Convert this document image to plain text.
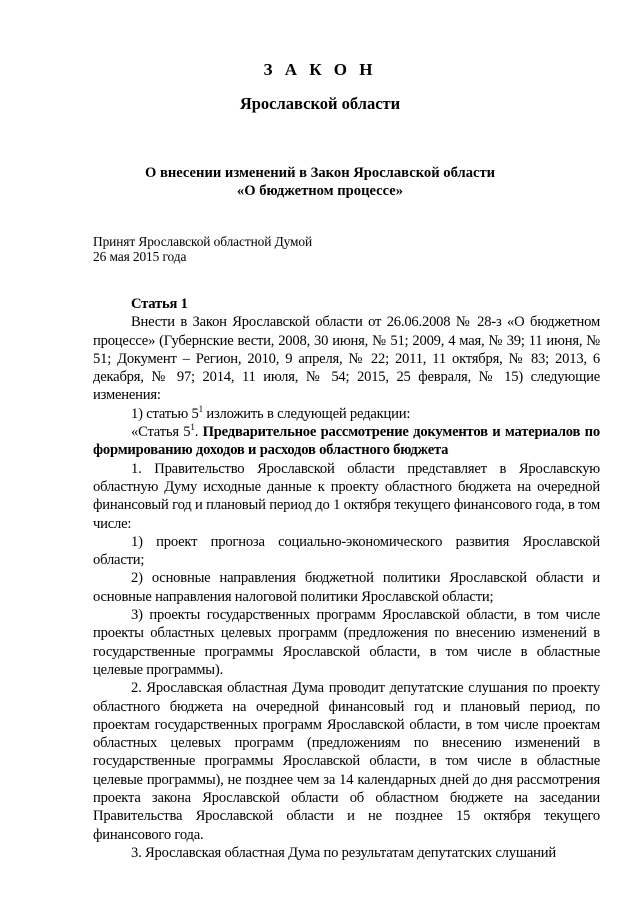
З А К О Н
Ярославской области
О внесении изменений в Закон Ярославской области
«О бюджетном процессе»
Принят Ярославской областной Думой
26 мая 2015 года
Статья 1

Внести в Закон Ярославской области от 26.06.2008 № 28-з «О бюджетном процессе» (Губернские вести, 2008, 30 июня, № 51; 2009, 4 мая, № 39; 11 июня, № 51; Документ – Регион, 2010, 9 апреля, № 22; 2011, 11 октября, № 83; 2013, 6 декабря, № 97; 2014, 11 июля, № 54; 2015, 25 февраля, № 15) следующие изменения:

1) статью $5^1$ изложить в следующей редакции:

«Статья $5^1$. Предварительное рассмотрение документов и материалов по формированию доходов и расходов областного бюджета

1. Правительство Ярославской области представляет в Ярославскую областную Думу исходные данные к проекту областного бюджета на очередной финансовый год и плановый период до 1 октября текущего финансового года, в том числе:

1) проект прогноза социально-экономического развития Ярославской области;

2) основные направления бюджетной политики Ярославской области и основные направления налоговой политики Ярославской области;

3) проекты государственных программ Ярославской области, в том числе проекты областных целевых программ (предложения по внесению изменений в государственные программы Ярославской области, в том числе в областные целевые программы).

2. Ярославская областная Дума проводит депутатские слушания по проекту областного бюджета на очередной финансовый год и плановый период, по проектам государственных программ Ярославской области, в том числе проектам областных целевых программ (предложениям по внесению изменений в государственные программы Ярославской области, в том числе в областные целевые программы), не позднее чем за 14 календарных дней до дня рассмотрения проекта закона Ярославской области об областном бюджете на заседании Правительства Ярославской области и не позднее 15 октября текущего финансового года.

3. Ярославская областная Дума по результатам депутатских слушаний
